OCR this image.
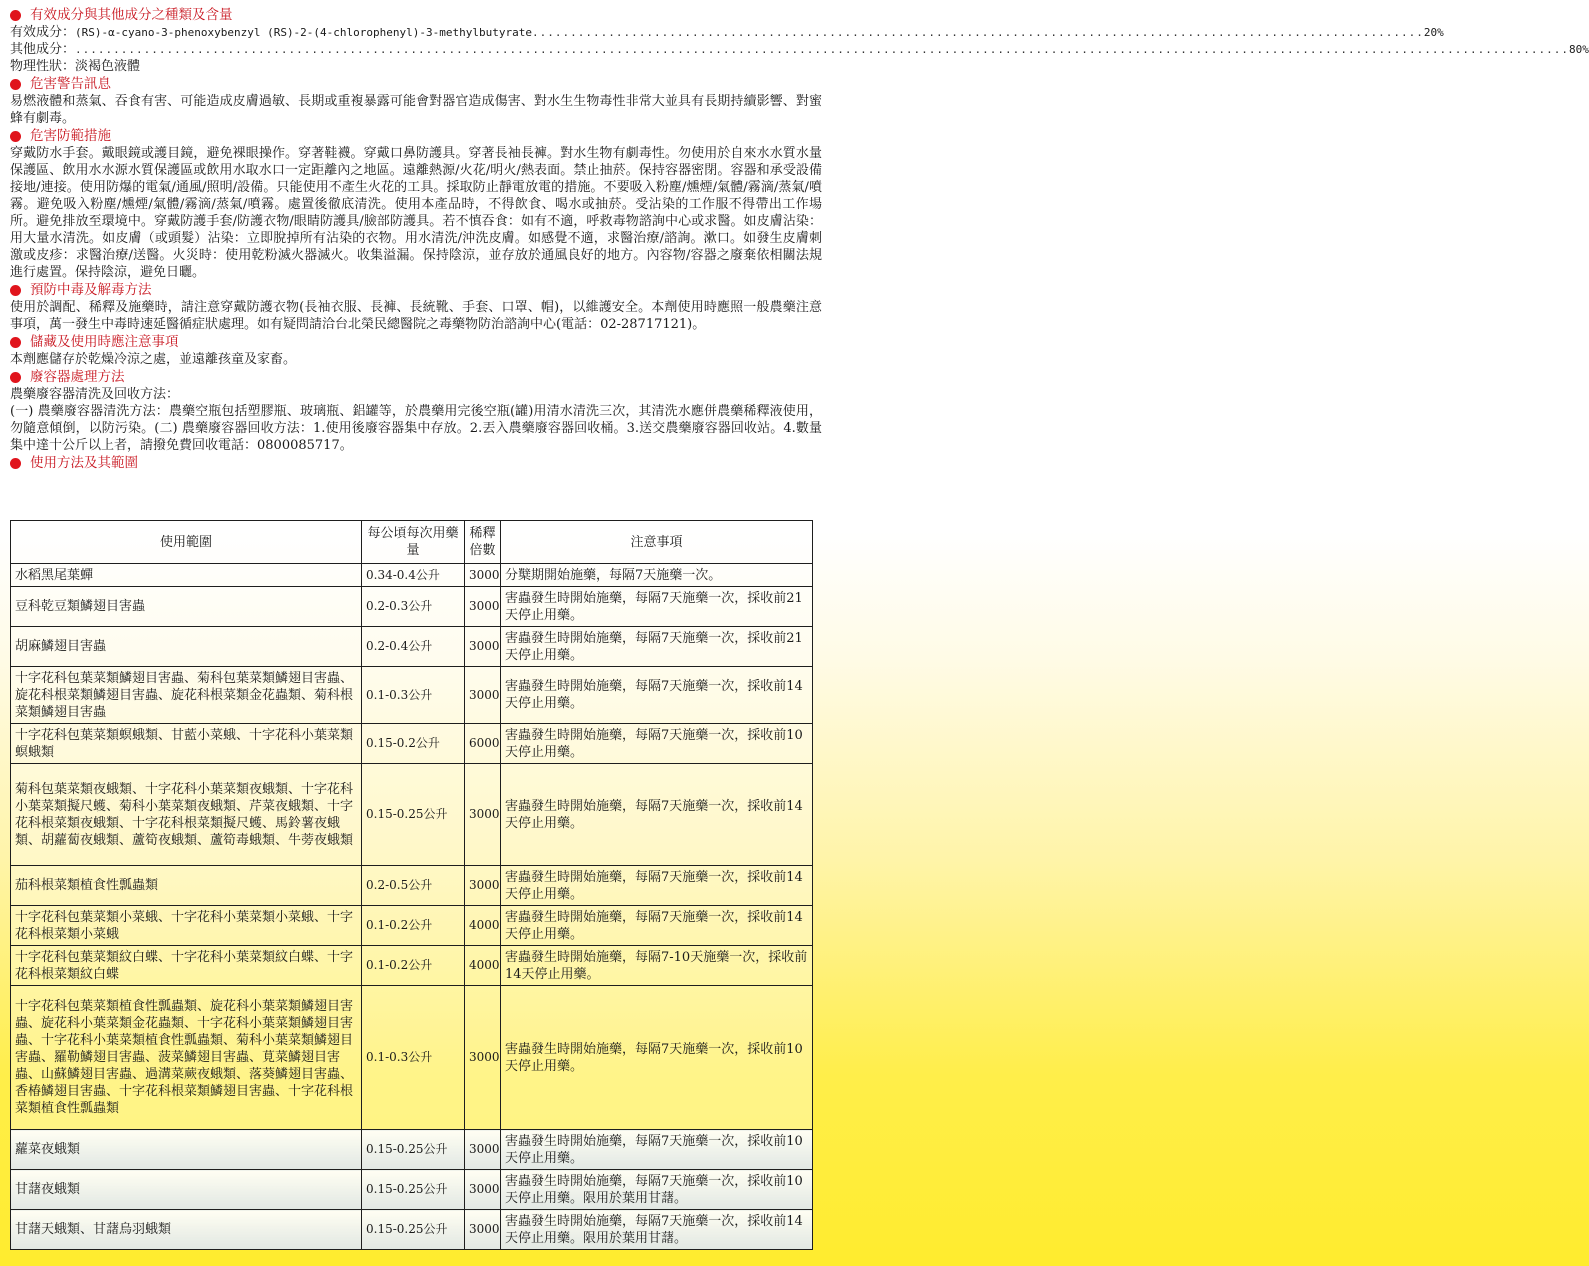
有效成分與其他成分之種類及含量
有效成分： (RS)-α-cyano-3-phenoxybenzyl (RS)-2-(4-chlorophenyl)-3-methylbutyrate ..................................................................................................................... 20%
其他成分： .................................................................................................................................................................................................... 80%
物理性狀：淡褐色液體
危害警告訊息
易燃液體和蒸氣、吞食有害、可能造成皮膚過敏、長期或重複暴露可能會對器官造成傷害、對水生生物毒性非常大並具有長期持續影響、對蜜蜂有劇毒。
危害防範措施
穿戴防水手套。戴眼鏡或護目鏡，避免裸眼操作。穿著鞋襪。穿戴口鼻防護具。穿著長袖長褲。對水生物有劇毒性。勿使用於自來水水質水量保護區、飲用水水源水質保護區或飲用水取水口一定距離內之地區。遠離熱源/火花/明火/熱表面。禁止抽菸。保持容器密閉。容器和承受設備接地/連接。使用防爆的電氣/通風/照明/設備。只能使用不產生火花的工具。採取防止靜電放電的措施。不要吸入粉塵/燻煙/氣體/霧滴/蒸氣/噴霧。避免吸入粉塵/燻煙/氣體/霧滴/蒸氣/噴霧。處置後徹底清洗。使用本產品時，不得飲食、喝水或抽菸。受沾染的工作服不得帶出工作場所。避免排放至環境中。穿戴防護手套/防護衣物/眼睛防護具/臉部防護具。若不慎吞食：如有不適，呼救毒物諮詢中心或求醫。如皮膚沾染：用大量水清洗。如皮膚（或頭髮）沾染：立即脫掉所有沾染的衣物。用水清洗/沖洗皮膚。如感覺不適，求醫治療/諮詢。漱口。如發生皮膚刺激或皮疹：求醫治療/送醫。火災時：使用乾粉滅火器滅火。收集溢漏。保持陰涼，並存放於通風良好的地方。內容物/容器之廢棄依相關法規進行處置。保持陰涼，避免日曬。
預防中毒及解毒方法
使用於調配、稀釋及施藥時，請注意穿戴防護衣物(長袖衣服、長褲、長統靴、手套、口罩、帽)，以維護安全。本劑使用時應照一般農藥注意事項，萬一發生中毒時速延醫循症狀處理。如有疑問請洽台北榮民總醫院之毒藥物防治諮詢中心(電話：02-28717121)。
儲藏及使用時應注意事項
本劑應儲存於乾燥冷涼之處，並遠離孩童及家畜。
廢容器處理方法
農藥廢容器清洗及回收方法：
(一) 農藥廢容器清洗方法：農藥空瓶包括塑膠瓶、玻璃瓶、鋁罐等，於農藥用完後空瓶(罐)用清水清洗三次，其清洗水應併農藥稀釋液使用，勿隨意傾倒，以防污染。(二) 農藥廢容器回收方法：1.使用後廢容器集中存放。2.丟入農藥廢容器回收桶。3.送交農藥廢容器回收站。4.數量集中達十公斤以上者，請撥免費回收電話：0800085717。
使用方法及其範圍
使用範圍	每公頃每次用藥量	稀釋倍數	注意事項
水稻黑尾葉蟬	0.34-0.4公升	3000	分櫱期開始施藥，每隔7天施藥一次。
豆科乾豆類鱗翅目害蟲	0.2-0.3公升	3000	害蟲發生時開始施藥，每隔7天施藥一次，採收前21天停止用藥。
胡麻鱗翅目害蟲	0.2-0.4公升	3000	害蟲發生時開始施藥，每隔7天施藥一次，採收前21天停止用藥。
十字花科包葉菜類鱗翅目害蟲、菊科包葉菜類鱗翅目害蟲、旋花科根菜類鱗翅目害蟲、旋花科根菜類金花蟲類、菊科根菜類鱗翅目害蟲	0.1-0.3公升	3000	害蟲發生時開始施藥，每隔7天施藥一次，採收前14天停止用藥。
十字花科包葉菜類螟蛾類、甘藍小菜蛾、十字花科小葉菜類螟蛾類	0.15-0.2公升	6000	害蟲發生時開始施藥，每隔7天施藥一次，採收前10天停止用藥。
菊科包葉菜類夜蛾類、十字花科小葉菜類夜蛾類、十字花科小葉菜類擬尺蠖、菊科小葉菜類夜蛾類、芹菜夜蛾類、十字花科根菜類夜蛾類、十字花科根菜類擬尺蠖、馬鈴薯夜蛾類、胡蘿蔔夜蛾類、蘆筍夜蛾類、蘆筍毒蛾類、牛蒡夜蛾類	0.15-0.25公升	3000	害蟲發生時開始施藥，每隔7天施藥一次，採收前14天停止用藥。
茄科根菜類植食性瓢蟲類	0.2-0.5公升	3000	害蟲發生時開始施藥，每隔7天施藥一次，採收前14天停止用藥。
十字花科包葉菜類小菜蛾、十字花科小葉菜類小菜蛾、十字花科根菜類小菜蛾	0.1-0.2公升	4000	害蟲發生時開始施藥，每隔7天施藥一次，採收前14天停止用藥。
十字花科包葉菜類紋白蝶、十字花科小葉菜類紋白蝶、十字花科根菜類紋白蝶	0.1-0.2公升	4000	害蟲發生時開始施藥，每隔7-10天施藥一次，採收前14天停止用藥。
十字花科包葉菜類植食性瓢蟲類、旋花科小葉菜類鱗翅目害蟲、旋花科小葉菜類金花蟲類、十字花科小葉菜類鱗翅目害蟲、十字花科小葉菜類植食性瓢蟲類、菊科小葉菜類鱗翅目害蟲、羅勒鱗翅目害蟲、菠菜鱗翅目害蟲、莧菜鱗翅目害蟲、山蘇鱗翅目害蟲、過溝菜蕨夜蛾類、落葵鱗翅目害蟲、香椿鱗翅目害蟲、十字花科根菜類鱗翅目害蟲、十字花科根菜類植食性瓢蟲類	0.1-0.3公升	3000	害蟲發生時開始施藥，每隔7天施藥一次，採收前10天停止用藥。
蘿菜夜蛾類	0.15-0.25公升	3000	害蟲發生時開始施藥，每隔7天施藥一次，採收前10天停止用藥。
甘藷夜蛾類	0.15-0.25公升	3000	害蟲發生時開始施藥，每隔7天施藥一次，採收前10天停止用藥。限用於葉用甘藷。
甘藷天蛾類、甘藷烏羽蛾類	0.15-0.25公升	3000	害蟲發生時開始施藥，每隔7天施藥一次，採收前14天停止用藥。限用於葉用甘藷。
